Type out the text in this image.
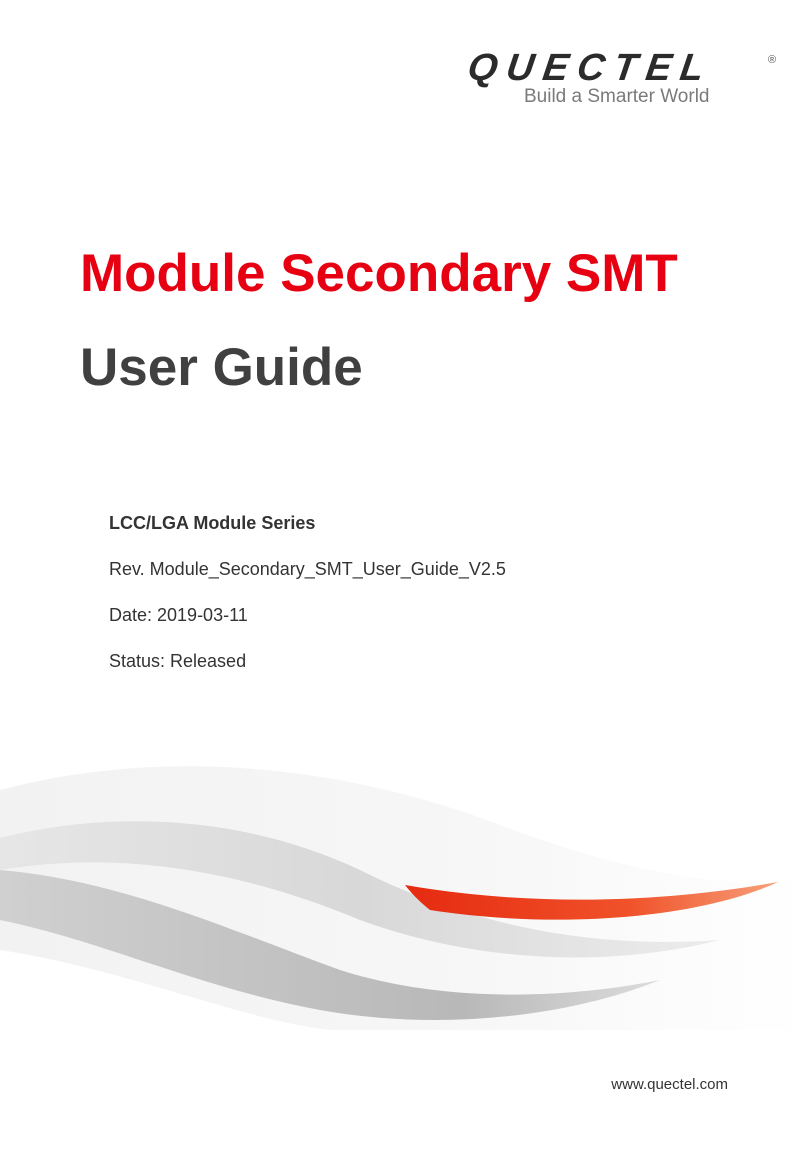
QUECTEL	®
Build a Smarter World
Module Secondary SMT
User Guide
LCC/LGA Module Series
Rev. Module_Secondary_SMT_User_Guide_V2.5
Date: 2019-03-11
Status: Released
www.quectel.com
